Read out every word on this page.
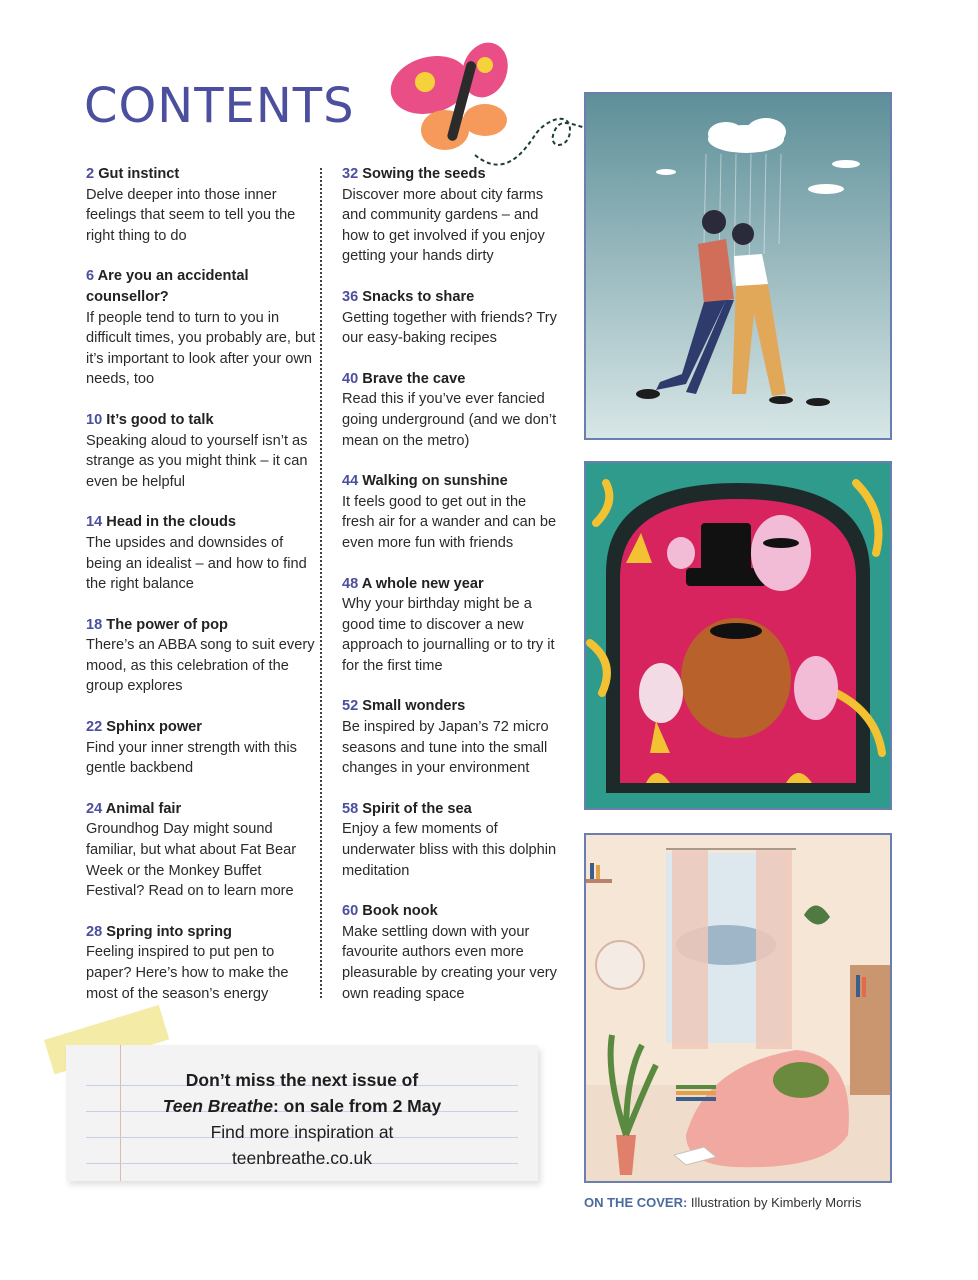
CONTENTS
2 Gut instinct
Delve deeper into those inner feelings that seem to tell you the right thing to do
6 Are you an accidental counsellor?
If people tend to turn to you in difficult times, you probably are, but it’s important to look after your own needs, too
10 It’s good to talk
Speaking aloud to yourself isn’t as strange as you might think – it can even be helpful
14 Head in the clouds
The upsides and downsides of being an idealist – and how to find the right balance
18 The power of pop
There’s an ABBA song to suit every mood, as this celebration of the group explores
22 Sphinx power
Find your inner strength with this gentle backbend
24 Animal fair
Groundhog Day might sound familiar, but what about Fat Bear Week or the Monkey Buffet Festival? Read on to learn more
28 Spring into spring
Feeling inspired to put pen to paper? Here’s how to make the most of the season’s energy
32 Sowing the seeds
Discover more about city farms and community gardens – and how to get involved if you enjoy getting your hands dirty
36 Snacks to share
Getting together with friends? Try our easy-baking recipes
40 Brave the cave
Read this if you’ve ever fancied going underground (and we don’t mean on the metro)
44 Walking on sunshine
It feels good to get out in the fresh air for a wander and can be even more fun with friends
48 A whole new year
Why your birthday might be a good time to discover a new approach to journalling or to try it for the first time
52 Small wonders
Be inspired by Japan’s 72 micro seasons and tune into the small changes in your environment
58 Spirit of the sea
Enjoy a few moments of underwater bliss with this dolphin meditation
60 Book nook
Make settling down with your favourite authors even more pleasurable by creating your very own reading space
Don’t miss the next issue of
Teen Breathe: on sale from 2 May
Find more inspiration at
teenbreathe.co.uk
ON THE COVER: Illustration by Kimberly Morris
